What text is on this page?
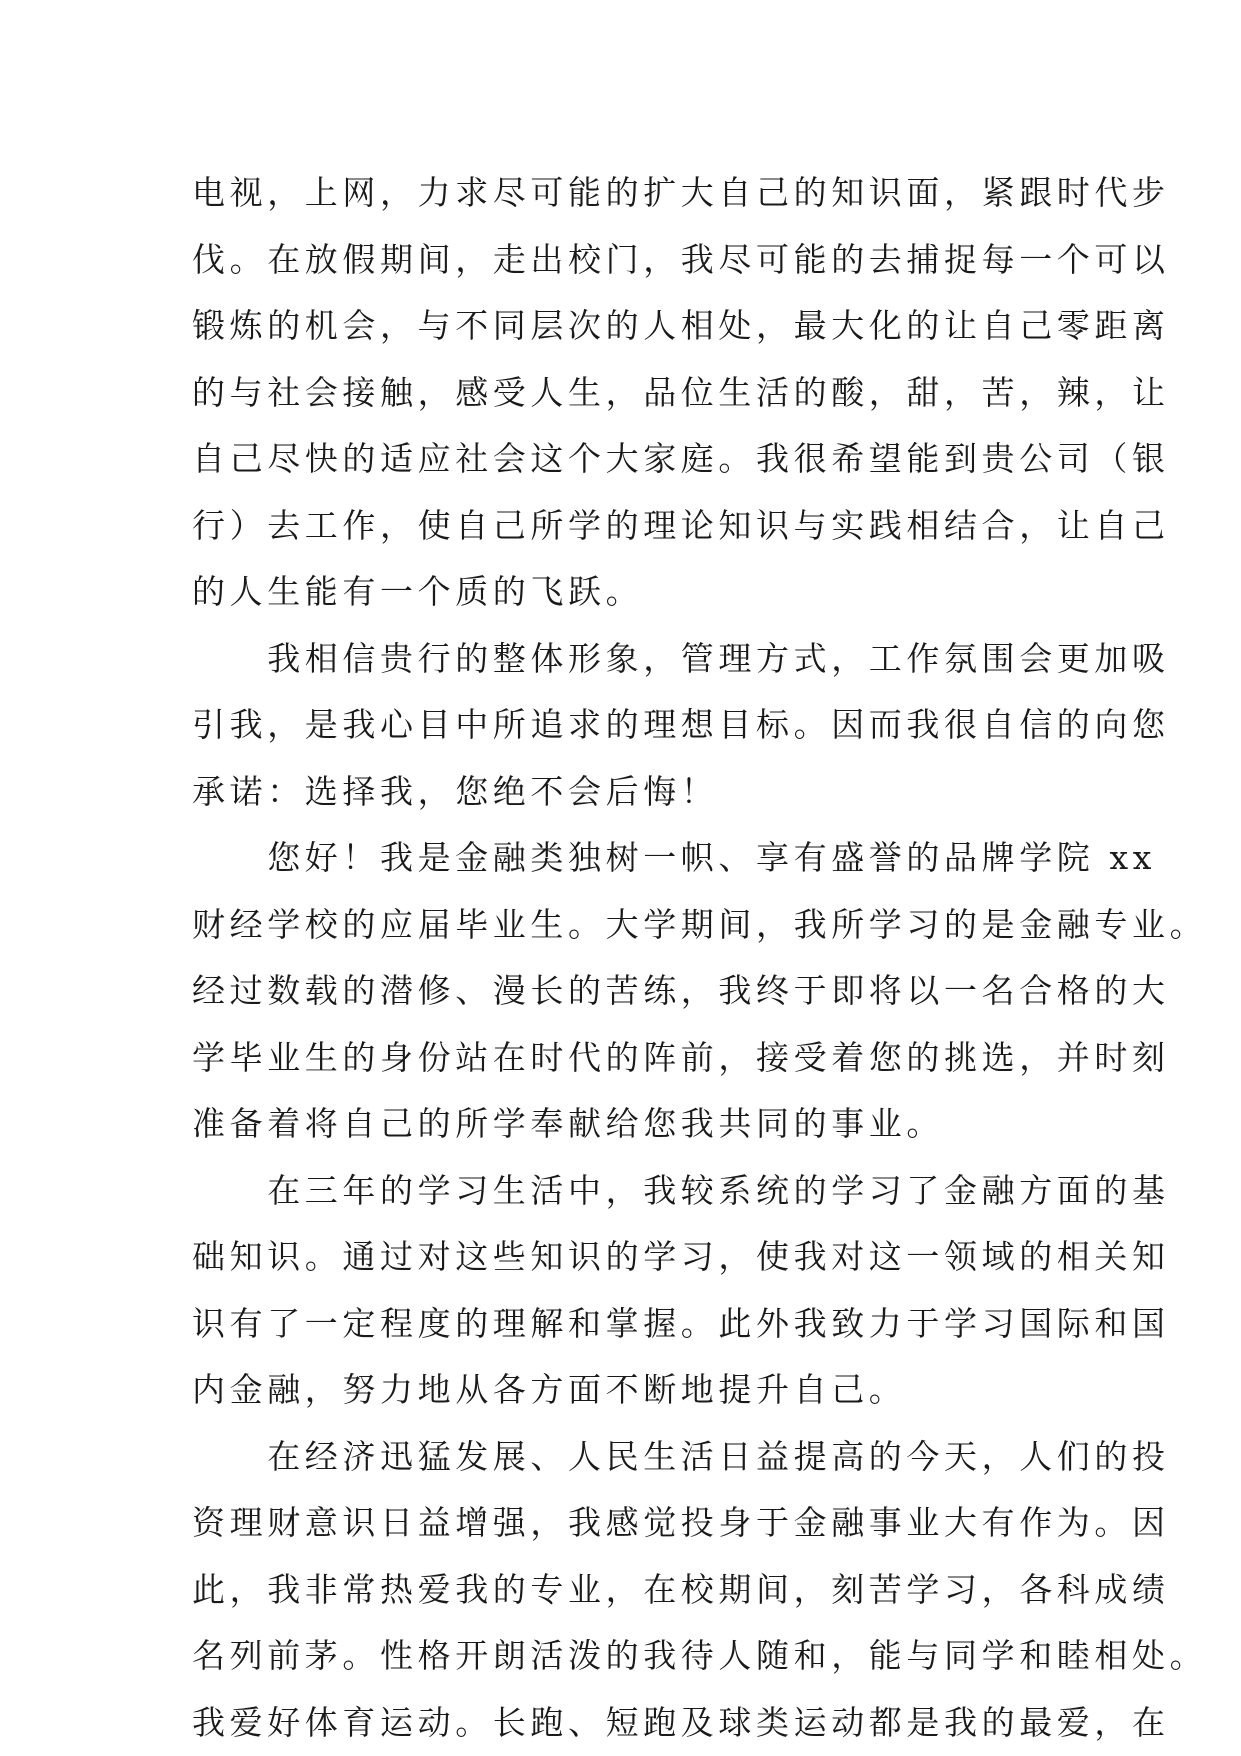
电视，上网，力求尽可能的扩大自己的知识面，紧跟时代步
伐。在放假期间，走出校门，我尽可能的去捕捉每一个可以
锻炼的机会，与不同层次的人相处，最大化的让自己零距离
的与社会接触，感受人生，品位生活的酸，甜，苦，辣，让
自己尽快的适应社会这个大家庭。我很希望能到贵公司（银
行）去工作，使自己所学的理论知识与实践相结合，让自己
的人生能有一个质的飞跃。
　　我相信贵行的整体形象，管理方式，工作氛围会更加吸
引我，是我心目中所追求的理想目标。因而我很自信的向您
承诺：选择我，您绝不会后悔！
　　您好！我是金融类独树一帜、享有盛誉的品牌学院 xx
财经学校的应届毕业生。大学期间，我所学习的是金融专业。
经过数载的潜修、漫长的苦练，我终于即将以一名合格的大
学毕业生的身份站在时代的阵前，接受着您的挑选，并时刻
准备着将自己的所学奉献给您我共同的事业。
　　在三年的学习生活中，我较系统的学习了金融方面的基
础知识。通过对这些知识的学习，使我对这一领域的相关知
识有了一定程度的理解和掌握。此外我致力于学习国际和国
内金融，努力地从各方面不断地提升自己。
　　在经济迅猛发展、人民生活日益提高的今天，人们的投
资理财意识日益增强，我感觉投身于金融事业大有作为。因
此，我非常热爱我的专业，在校期间，刻苦学习，各科成绩
名列前茅。性格开朗活泼的我待人随和，能与同学和睦相处。
我爱好体育运动。长跑、短跑及球类运动都是我的最爱，在
